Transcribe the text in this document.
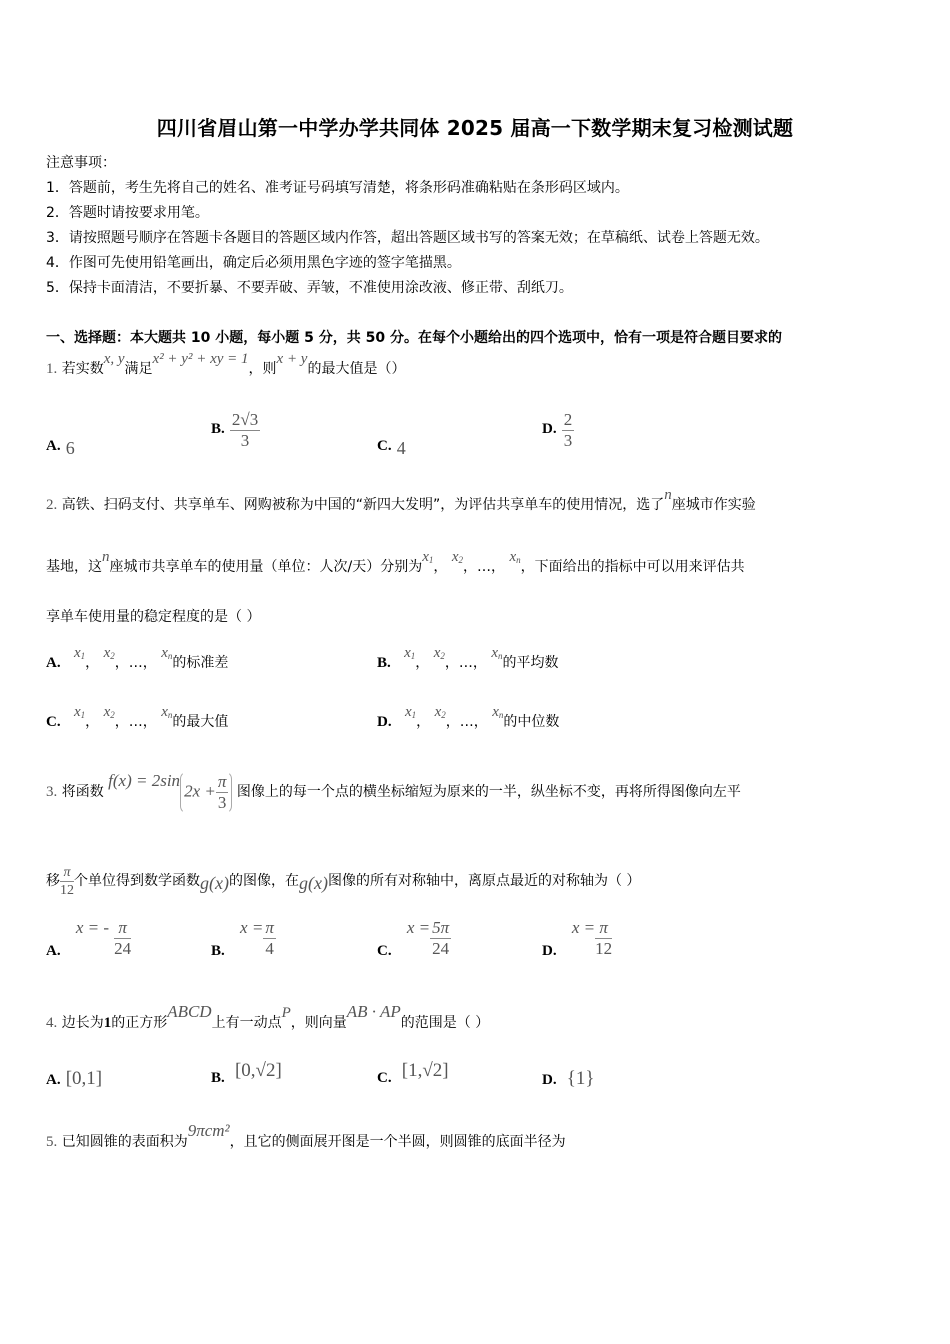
四川省眉山第一中学办学共同体 2025 届高一下数学期末复习检测试题
注意事项：
1．答题前，考生先将自己的姓名、准考证号码填写清楚，将条形码准确粘贴在条形码区域内。
2．答题时请按要求用笔。
3．请按照题号顺序在答题卡各题目的答题区域内作答，超出答题区域书写的答案无效；在草稿纸、试卷上答题无效。
4．作图可先使用铅笔画出，确定后必须用黑色字迹的签字笔描黑。
5．保持卡面清洁，不要折暴、不要弄破、弄皱，不准使用涂改液、修正带、刮纸刀。
一、选择题：本大题共 10 小题，每小题 5 分，共 50 分。在每个小题给出的四个选项中，恰有一项是符合题目要求的
1. 若实数x, y满足x² + y² + xy = 1，则x + y的最大值是（）
A. 6
B. $\frac{2√3}{3}$	C. 4
D. $\frac{2}{3}$
2. 高铁、扫码支付、共享单车、网购被称为中国的“新四大发明”，为评估共享单车的使用情况，选了n座城市作实验
基地，这n座城市共享单车的使用量（单位：人次/天）分别为x1， x2，…， xn，下面给出的指标中可以用来评估共
享单车使用量的稳定程度的是（ ）
A.   x1， x2，…， xn的标准差	B.   x1， x2，…， xn的平均数
C.   x1， x2，…， xn的最大值	D.   x1， x2，…， xn的中位数
3. 将函数 $f(x) = 2\sin 2x + \frac{\pi}{3}$ 图像上的每一个点的横坐标缩短为原来的一半，纵坐标不变，再将所得图像向左平
移 $\frac{\pi}{12}$ 个单位得到数学函数g(x)的图像，在g(x)图像的所有对称轴中，离原点最近的对称轴为（ ）
A.   x = - $\frac{\pi}{24}$	B.   $x = \frac{\pi}{4}$	C.   $x = \frac{5\pi}{24}$	D.   $x = \frac{\pi}{12}$
4. 边长为1的正方形ABCD上有一动点P，则向量AB · AP的范围是（ ）
A. [0,1]	B. [0,√2]	C. [1,√2]	D. {1}
5. 已知圆锥的表面积为9πcm²，且它的侧面展开图是一个半圆，则圆锥的底面半径为
